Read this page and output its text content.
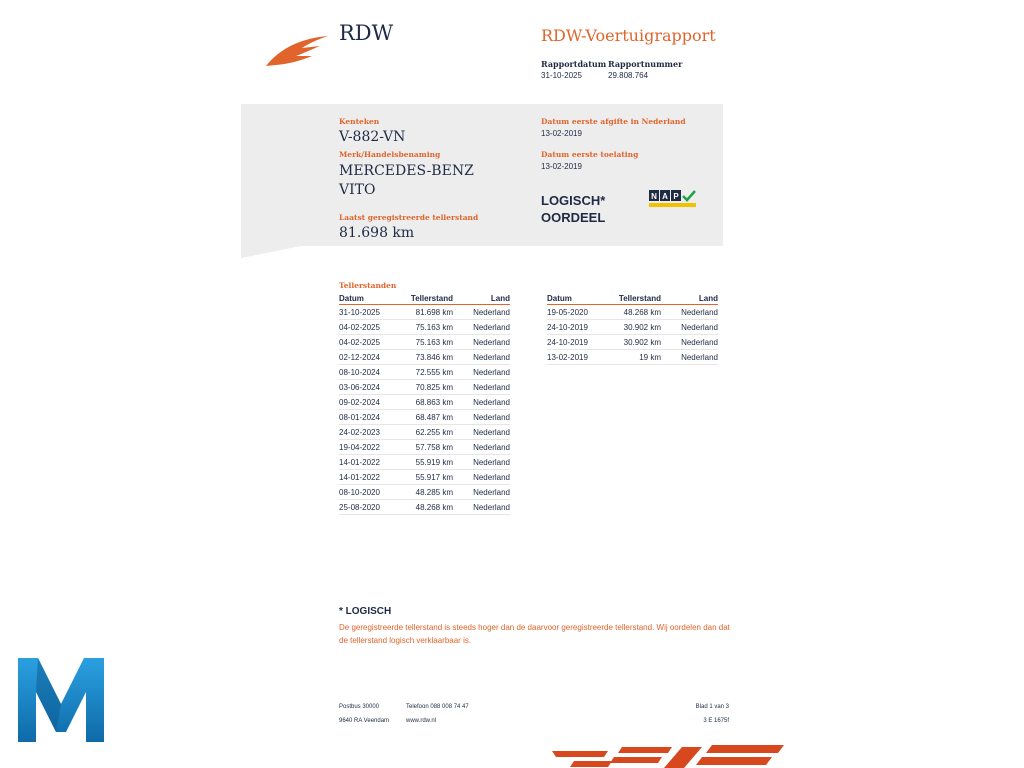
RDW	RDW-Voertuigrapport
Rapportdatum Rapportnummer
31-10-2025	29.808.764
Kenteken
V-882-VN
Merk/Handelsbenaming
MERCEDES-BENZ
VITO
Laatst geregistreerde tellerstand
81.698 km
Datum eerste afgifte in Nederland
13-02-2019
Datum eerste toelating
13-02-2019
LOGISCH*
OORDEEL
N A P
Tellerstanden
Datum	Tellerstand	Land
31-10-2025	81.698 km	Nederland
04-02-2025	75.163 km	Nederland
04-02-2025	75.163 km	Nederland
02-12-2024	73.846 km	Nederland
08-10-2024	72.555 km	Nederland
03-06-2024	70.825 km	Nederland
09-02-2024	68.863 km	Nederland
08-01-2024	68.487 km	Nederland
24-02-2023	62.255 km	Nederland
19-04-2022	57.758 km	Nederland
14-01-2022	55.919 km	Nederland
14-01-2022	55.917 km	Nederland
08-10-2020	48.285 km	Nederland
25-08-2020	48.268 km	Nederland
Datum	Tellerstand	Land
19-05-2020	48.268 km	Nederland
24-10-2019	30.902 km	Nederland
24-10-2019	30.902 km	Nederland
13-02-2019	19 km	Nederland
* LOGISCH
De geregistreerde tellerstand is steeds hoger dan de daarvoor geregistreerde tellerstand. Wij oordelen dan dat de tellerstand logisch verklaarbaar is.
Postbus 30000
9640 RA Veendam
Telefoon 088 008 74 47
www.rdw.nl
Blad 1 van 3
3 E 1675f
